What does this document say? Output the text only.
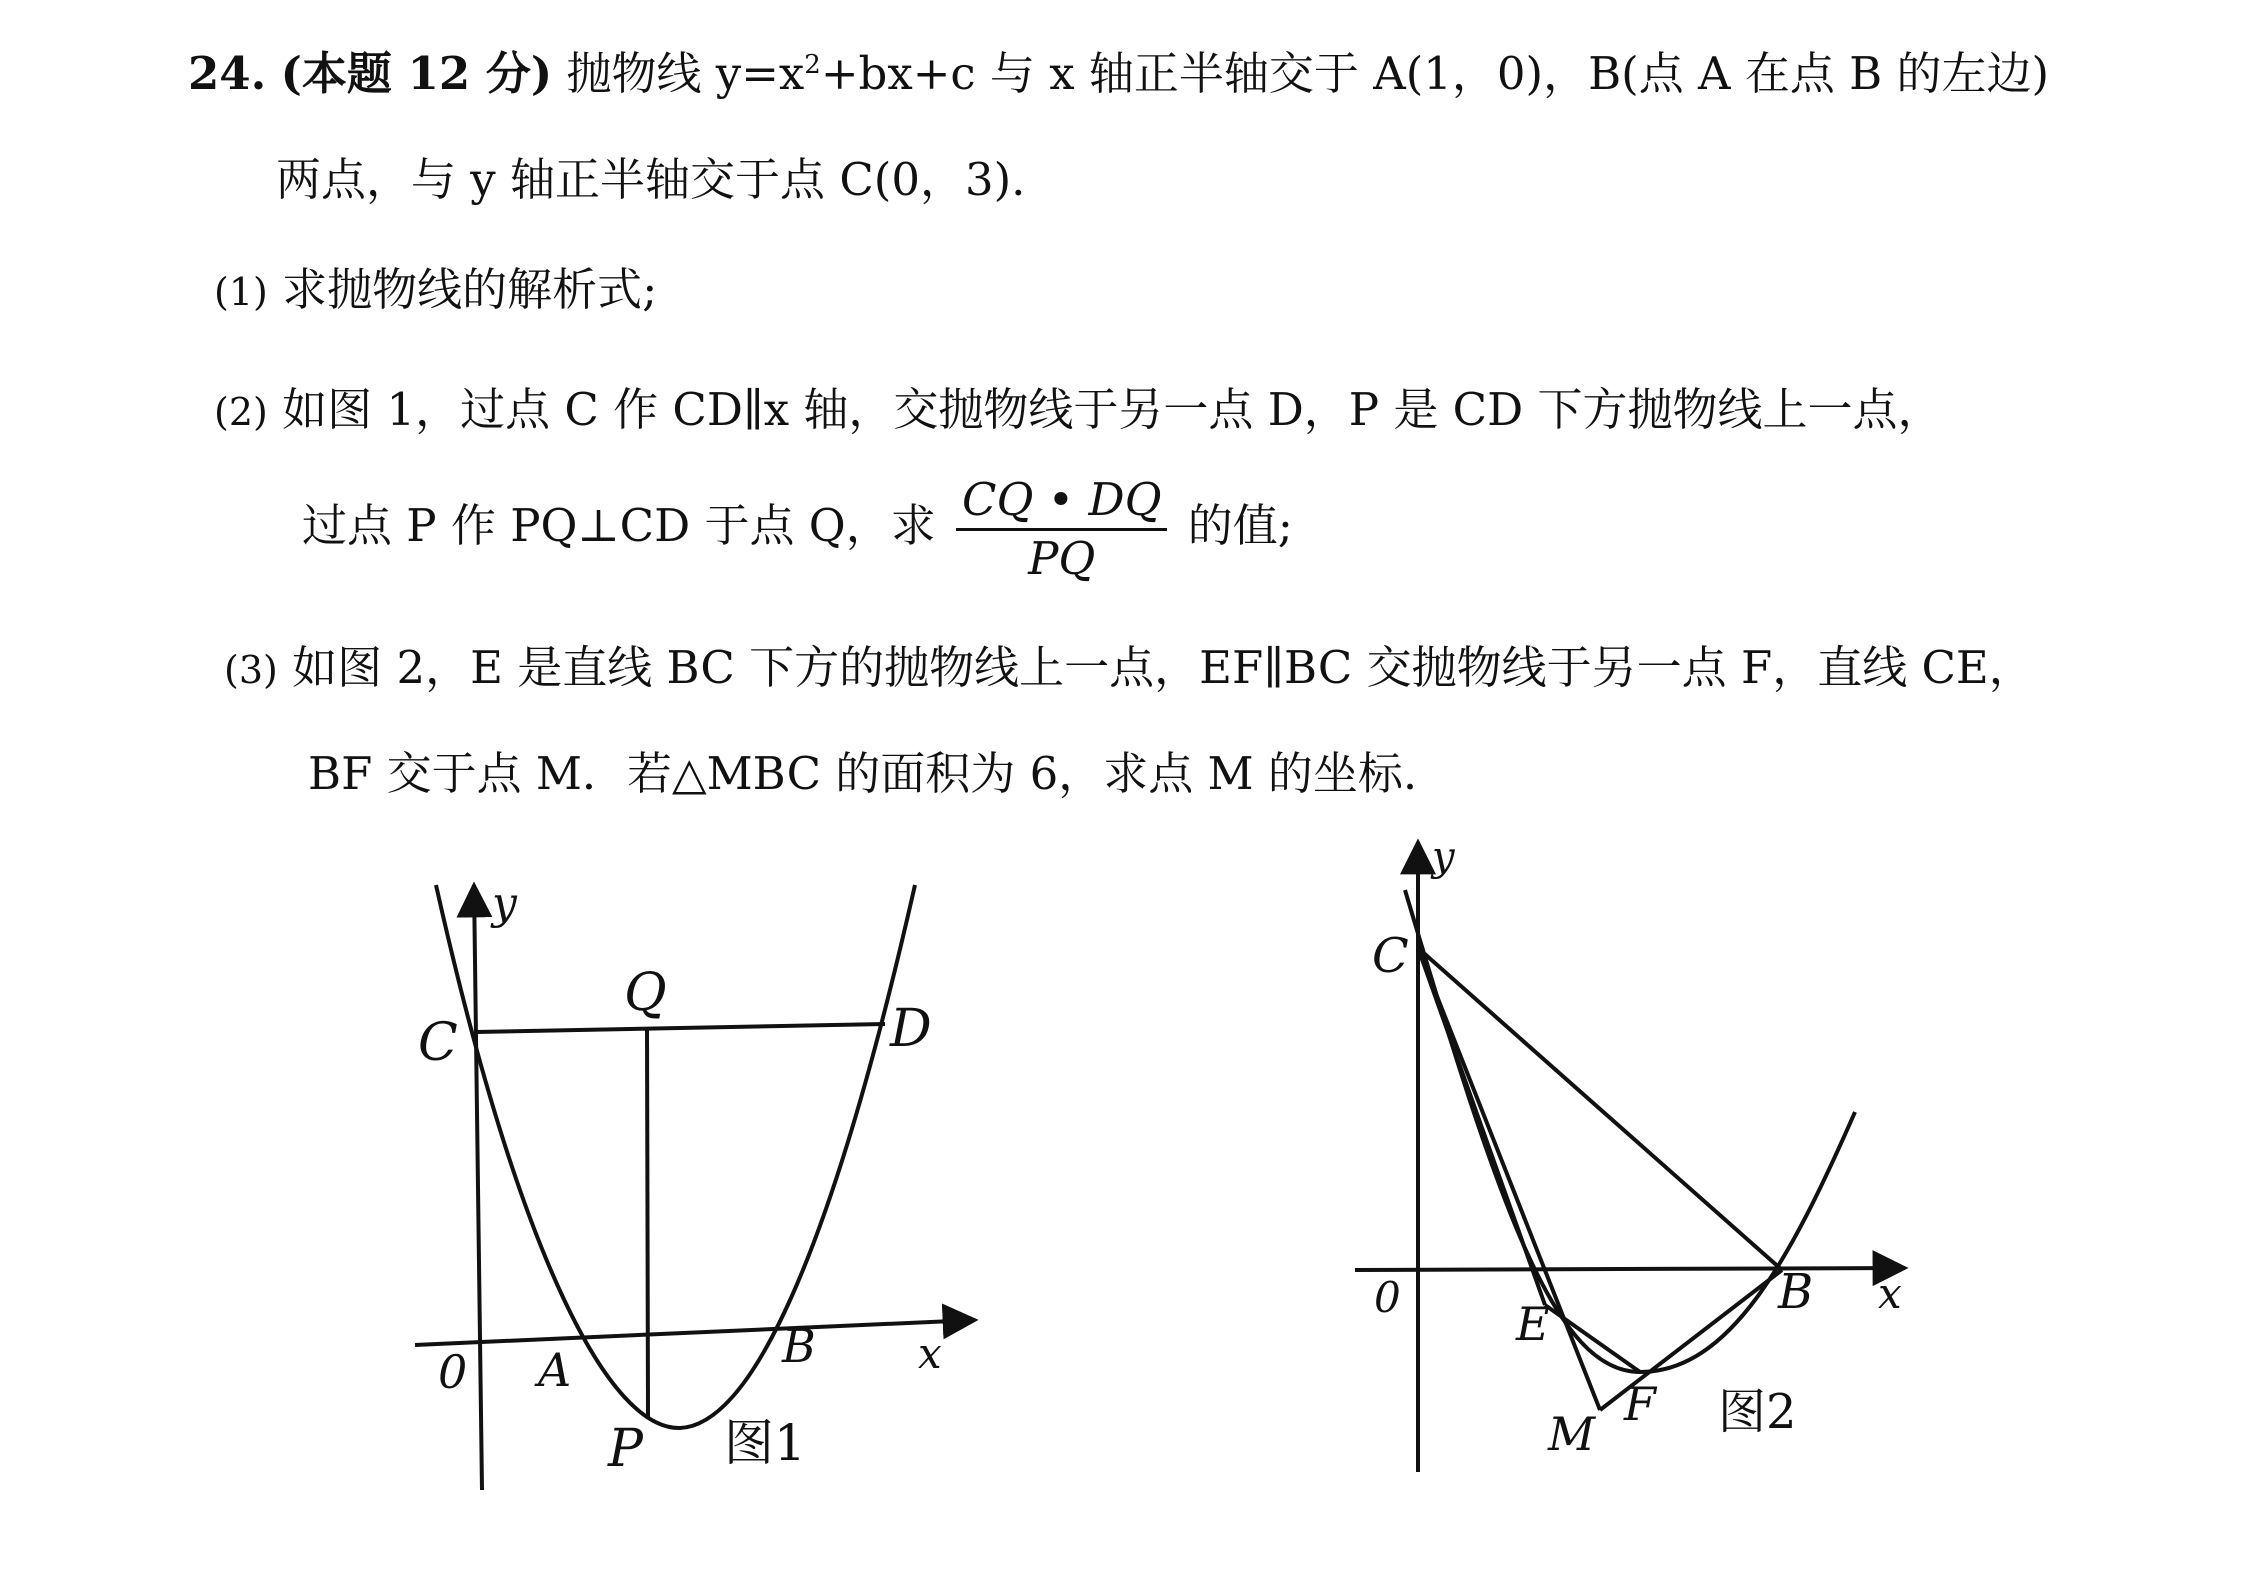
24. (本题 12 分) 抛物线 $y=x^2+bx+c$ 与 x 轴正半轴交于 A(1，0)，B(点 A 在点 B 的左边)
两点，与 y 轴正半轴交于点 C(0，3).
(1) 求抛物线的解析式;
(2) 如图 1，过点 C 作 CD∥x 轴，交抛物线于另一点 D，P 是 CD 下方抛物线上一点，
过点 P 作 PQ⊥CD 于点 Q，求 $\frac{CQ • DQ}{PQ}$ 的值;
(3) 如图 2，E 是直线 BC 下方的抛物线上一点，EF∥BC 交抛物线于另一点 F，直线 CE，
BF 交于点 M．若△MBC 的面积为 6，求点 M 的坐标.
y
x
0 A	B
C	D
Q
P 图1
y
x
0	B
C
E
F
M	图2
